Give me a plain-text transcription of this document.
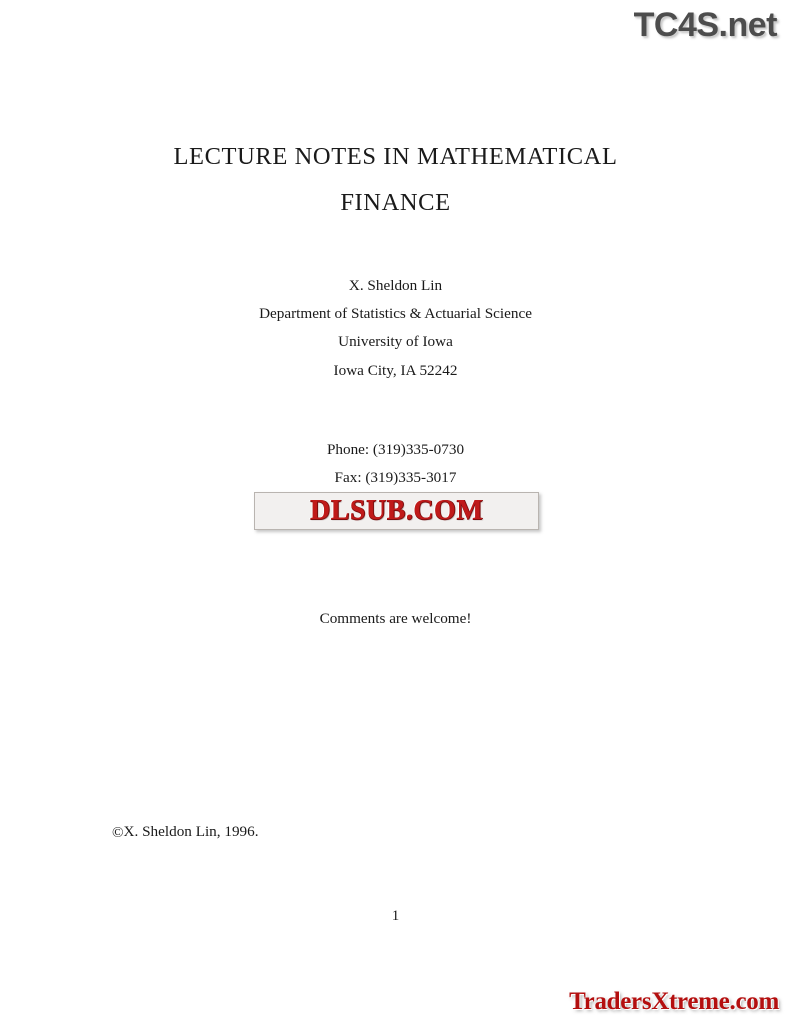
TC4S.net
LECTURE NOTES IN MATHEMATICAL
FINANCE
X. Sheldon Lin
Department of Statistics & Actuarial Science
University of Iowa
Iowa City, IA 52242
Phone: (319)335-0730
Fax: (319)335-3017
DLSUB.COM
Comments are welcome!
©X. Sheldon Lin, 1996.
1
TradersXtreme.com
